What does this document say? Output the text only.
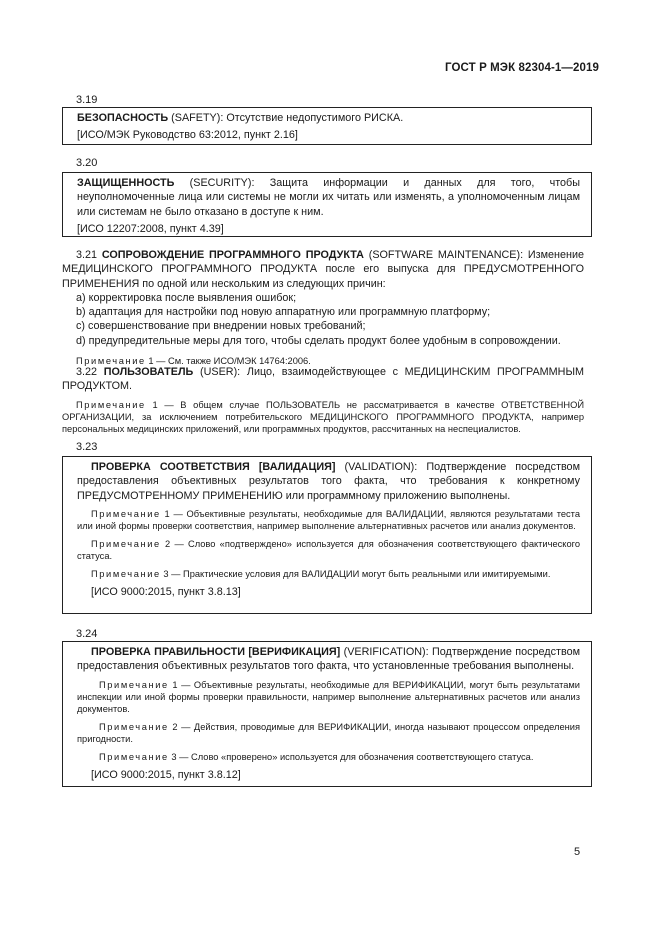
ГОСТ Р МЭК 82304-1—2019
3.19

БЕЗОПАСНОСТЬ (SAFETY): Отсутствие недопустимого РИСКА.

[ИСО/МЭК Руководство 63:2012, пункт 2.16]

3.20

ЗАЩИЩЕННОСТЬ (SECURITY): Защита информации и данных для того, чтобы неуполномоченные лица или системы не могли их читать или изменять, а уполномоченным лицам или системам не было отказано в доступе к ним.

[ИСО 12207:2008, пункт 4.39]

3.21 СОПРОВОЖДЕНИЕ ПРОГРАММНОГО ПРОДУКТА (SOFTWARE MAINTENANCE): Изменение МЕДИЦИНСКОГО ПРОГРАММНОГО ПРОДУКТА после его выпуска для ПРЕДУСМОТРЕННОГО ПРИМЕНЕНИЯ по одной или нескольким из следующих причин:

a) корректировка после выявления ошибок;

b) адаптация для настройки под новую аппаратную или программную платформу;

c) совершенствование при внедрении новых требований;

d) предупредительные меры для того, чтобы сделать продукт более удобным в сопровождении.

Примечание 1 — См. также ИСО/МЭК 14764:2006.

3.22 ПОЛЬЗОВАТЕЛЬ (USER): Лицо, взаимодействующее с МЕДИЦИНСКИМ ПРОГРАММНЫМ ПРОДУКТОМ.

Примечание 1 — В общем случае ПОЛЬЗОВАТЕЛЬ не рассматривается в качестве ОТВЕТСТВЕННОЙ ОРГАНИЗАЦИИ, за исключением потребительского МЕДИЦИНСКОГО ПРОГРАММНОГО ПРОДУКТА, например персональных медицинских приложений, или программных продуктов, рассчитанных на неспециалистов.

3.23

ПРОВЕРКА СООТВЕТСТВИЯ [ВАЛИДАЦИЯ] (VALIDATION): Подтверждение посредством предоставления объективных результатов того факта, что требования к конкретному ПРЕДУСМОТРЕННОМУ ПРИМЕНЕНИЮ или программному приложению выполнены.

Примечание 1 — Объективные результаты, необходимые для ВАЛИДАЦИИ, являются результатами теста или иной формы проверки соответствия, например выполнение альтернативных расчетов или анализ документов.

Примечание 2 — Слово «подтверждено» используется для обозначения соответствующего фактического статуса.

Примечание 3 — Практические условия для ВАЛИДАЦИИ могут быть реальными или имитируемыми.

[ИСО 9000:2015, пункт 3.8.13]

3.24

ПРОВЕРКА ПРАВИЛЬНОСТИ [ВЕРИФИКАЦИЯ] (VERIFICATION): Подтверждение посредством предоставления объективных результатов того факта, что установленные требования выполнены.

Примечание 1 — Объективные результаты, необходимые для ВЕРИФИКАЦИИ, могут быть результатами инспекции или иной формы проверки правильности, например выполнение альтернативных расчетов или анализ документов.

Примечание 2 — Действия, проводимые для ВЕРИФИКАЦИИ, иногда называют процессом определения пригодности.

Примечание 3 — Слово «проверено» используется для обозначения соответствующего статуса.

[ИСО 9000:2015, пункт 3.8.12]

5
